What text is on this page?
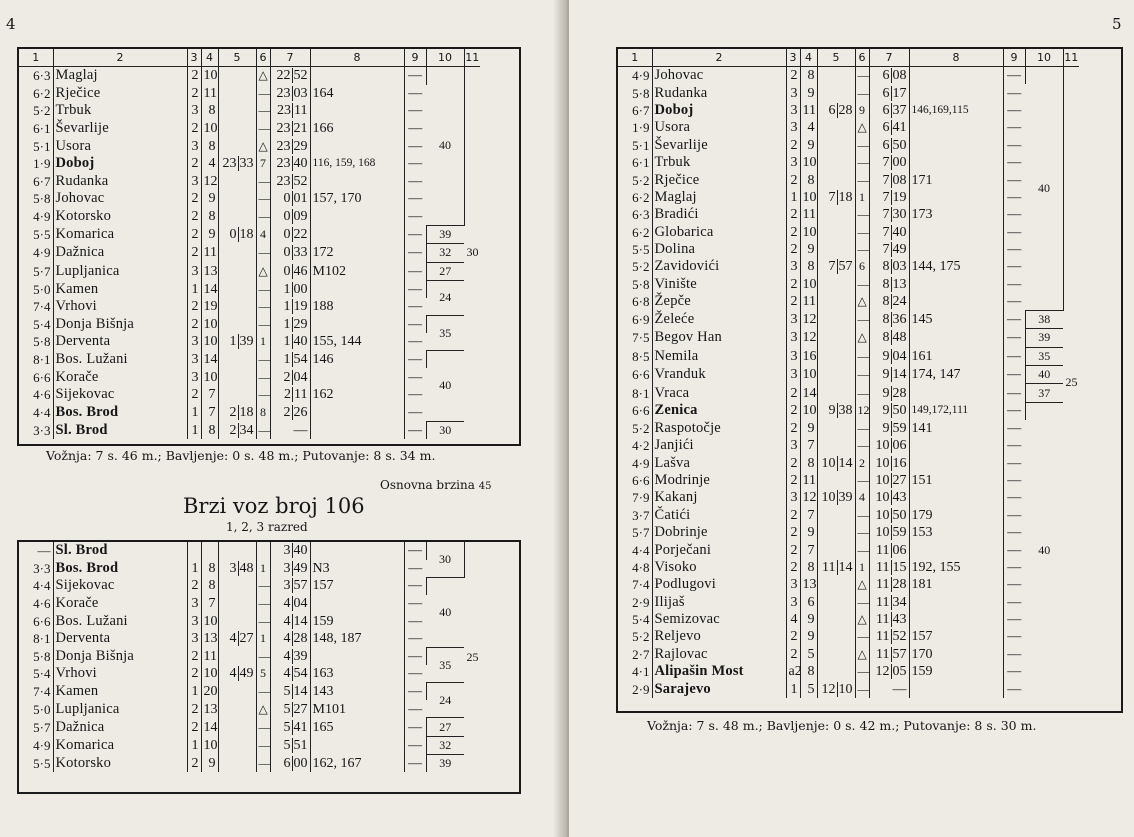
4
1	2	3	4	5	6	7	8	9	10	11
6·3	Maglaj	2	10		△	22 52		—	40	30
6·2	Rječice	2	11		—	23 03	164	—		
5·2	Trbuk	3	8		—	23 11		—		
6·1	Ševarlije	2	10		—	23 21	166	—		
5·1	Usora	3	8		△	23 29		—		
1·9	Doboj	2	4	23 33	7	23 40	116, 159, 168	—		
6·7	Rudanka	3	12		—	23 52		—		
5·8	Johovac	2	9		—	0 01	157, 170	—		
4·9	Kotorsko	2	8		—	0 09		—		
5·5	Komarica	2	9	0 18	4	0 22		—	39	
4·9	Dažnica	2	11		—	0 33	172	—	32	
5·7	Lupljanica	3	13		△	0 46	M102	—	27	
5·0	Kamen	1	14		—	1 00		—	24	
7·4	Vrhovi	2	19		—	1 19	188	—		
5·4	Donja Bišnja	2	10		—	1 29		—	35	
5·8	Derventa	3	10	1 39	1	1 40	155, 144	—		
8·1	Bos. Lužani	3	14		—	1 54	146	—	40	
6·6	Korače	3	10		—	2 04		—		
4·6	Sijekovac	2	7		—	2 11	162	—		
4·4	Bos. Brod	1	7	2 18	8	2 26		—		
3·3	Sl. Brod	1	8	2 34	—	—		—	30	
Vožnja: 7 s. 46 m.; Bavljenje: 0 s. 48 m.; Putovanje: 8 s. 34 m.
Osnovna brzina 45
Brzi voz broj 106
1, 2, 3 razred
—	Sl. Brod					3 40		—	30	25
3·3	Bos. Brod	1	8	3 48	1	3 49	N3	—		
4·4	Sijekovac	2	8		—	3 57	157	—	40	
4·6	Korače	3	7		—	4 04		—		
6·6	Bos. Lužani	3	10		—	4 14	159	—		
8·1	Derventa	3	13	4 27	1	4 28	148, 187	—		
5·8	Donja Bišnja	2	11		—	4 39		—	35	
5·4	Vrhovi	2	10	4 49	5	4 54	163	—		
7·4	Kamen	1	20		—	5 14	143	—	24	
5·0	Lupljanica	2	13		△	5 27	M101	—		
5·7	Dažnica	2	14		—	5 41	165	—	27	
4·9	Komarica	1	10		—	5 51		—	32	
5·5	Kotorsko	2	9		—	6 00	162, 167	—	39	
5
1	2	3	4	5	6	7	8	9	10	11
4·9	Johovac	2	8		—	6 08		—	40	25
5·8	Rudanka	3	9		—	6 17		—		
6·7	Doboj	3	11	6 28	9	6 37	146,169,115	—		
1·9	Usora	3	4		△	6 41		—		
5·1	Ševarlije	2	9		—	6 50		—		
6·1	Trbuk	3	10		—	7 00		—		
5·2	Rječice	2	8		—	7 08	171	—		
6·2	Maglaj	1	10	7 18	1	7 19		—		
6·3	Bradići	2	11		—	7 30	173	—		
6·2	Globarica	2	10		—	7 40		—		
5·5	Dolina	2	9		—	7 49		—		
5·2	Zavidovići	3	8	7 57	6	8 03	144, 175	—		
5·8	Vinište	2	10		—	8 13		—		
6·8	Žepče	2	11		△	8 24		—		
6·9	Želeće	3	12		—	8 36	145	—	38	
7·5	Begov Han	3	12		△	8 48		—	39	
8·5	Nemila	3	16		—	9 04	161	—	35	
6·6	Vranduk	3	10		—	9 14	174, 147	—	40	
8·1	Vraca	2	14		—	9 28		—	37	
6·6	Zenica	2	10	9 38	12	9 50	149,172,111	—	40	
5·2	Raspotočje	2	9		—	9 59	141	—		
4·2	Janjići	3	7		—	10 06		—		
4·9	Lašva	2	8	10 14	2	10 16		—		
6·6	Modrinje	2	11		—	10 27	151	—		
7·9	Kakanj	3	12	10 39	4	10 43		—		
3·7	Čatići	2	7		—	10 50	179	—		
5·7	Dobrinje	2	9		—	10 59	153	—		
4·4	Porječani	2	7		—	11 06		—		
4·8	Visoko	2	8	11 14	1	11 15	192, 155	—		
7·4	Podlugovi	3	13		△	11 28	181	—		
2·9	Ilijaš	3	6		—	11 34		—		
5·4	Semizovac	4	9		△	11 43		—		
5·2	Reljevo	2	9		—	11 52	157	—		
2·7	Rajlovac	2	5		△	11 57	170	—		
4·1	Alipašin Most	a2	8		—	12 05	159	—		
2·9	Sarajevo	1	5	12 10	—	—		—		
Vožnja: 7 s. 48 m.; Bavljenje: 0 s. 42 m.; Putovanje: 8 s. 30 m.
